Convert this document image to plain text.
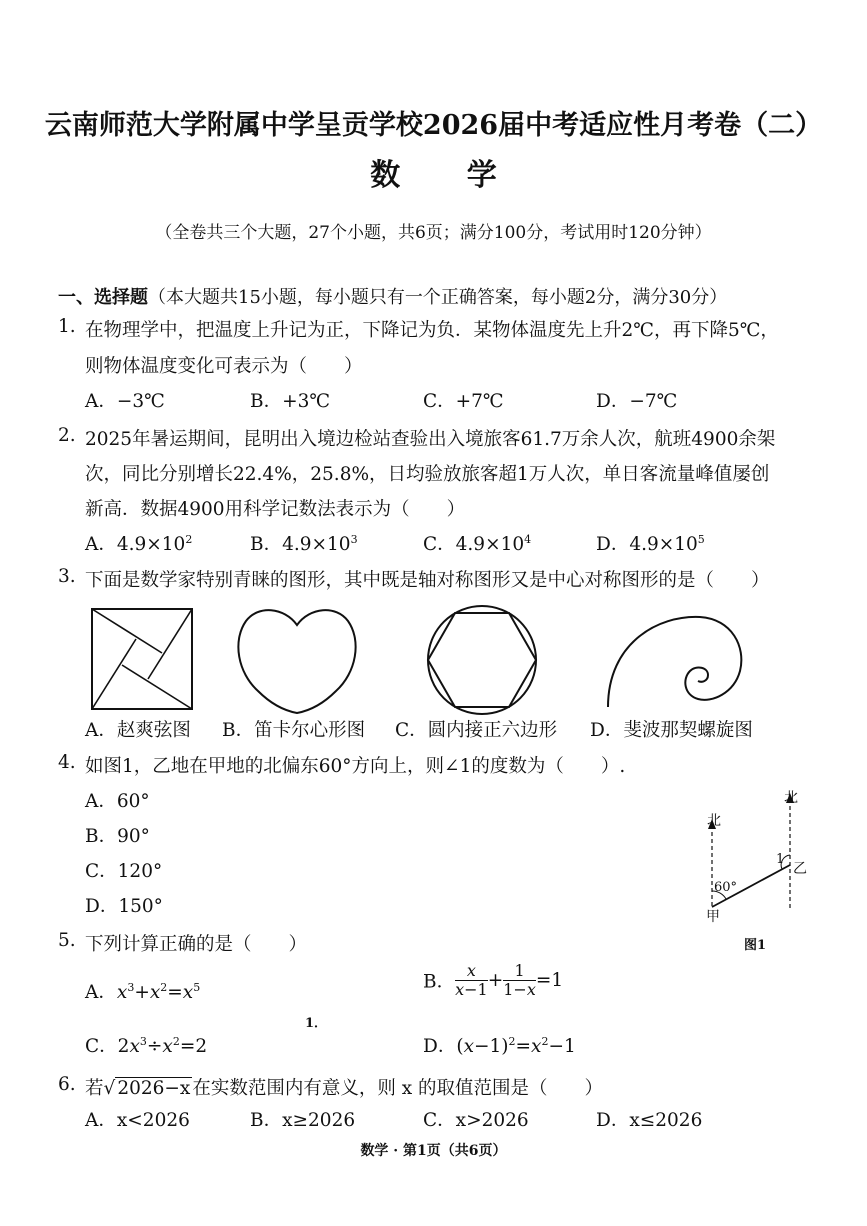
云南师范大学附属中学呈贡学校2026届中考适应性月考卷（二）
数 学
（全卷共三个大题，27个小题，共6页；满分100分，考试用时120分钟）
一、选择题（本大题共15小题，每小题只有一个正确答案，每小题2分，满分30分）
1. 在物理学中，把温度上升记为正，下降记为负．某物体温度先上升2℃，再下降5℃，
则物体温度变化可表示为（　　）
A．−3℃	B．+3℃	C．+7℃	D．−7℃
2. 2025年暑运期间，昆明出入境边检站查验出入境旅客61.7万余人次，航班4900余架
次，同比分别增长22.4%，25.8%，日均验放旅客超1万人次，单日客流量峰值屡创
新高．数据4900用科学记数法表示为（　　）
A．$4.9\times 10^2$	B．$4.9\times 10^3$	C．$4.9\times 10^4$	D．$4.9\times 10^5$
3. 下面是数学家特别青睐的图形，其中既是轴对称图形又是中心对称图形的是（　　）
A．赵爽弦图 B．笛卡尔心形图 C．圆内接正六边形 D．斐波那契螺旋图
4. 如图1，乙地在甲地的北偏东60°方向上，则∠1的度数为（　　）.
A．60°
B．90°
C．120°
D．150°
北
北
60°
1
甲
乙
图1
5. 下列计算正确的是（　　）
A．$x^3+x^2=x^5$	B． $\frac{x}{x-1} + \frac{1}{1-x} =1$
1．
C．$2x^3\div x^2=2$	D．$(x-1)^2=x^2-1$
6. 若√ 2026−x 在实数范围内有意义，则 x 的取值范围是（　　）
A．x<2026	B．x≥2026	C．x>2026	D．x≤2026
数学 · 第1页（共6页）
